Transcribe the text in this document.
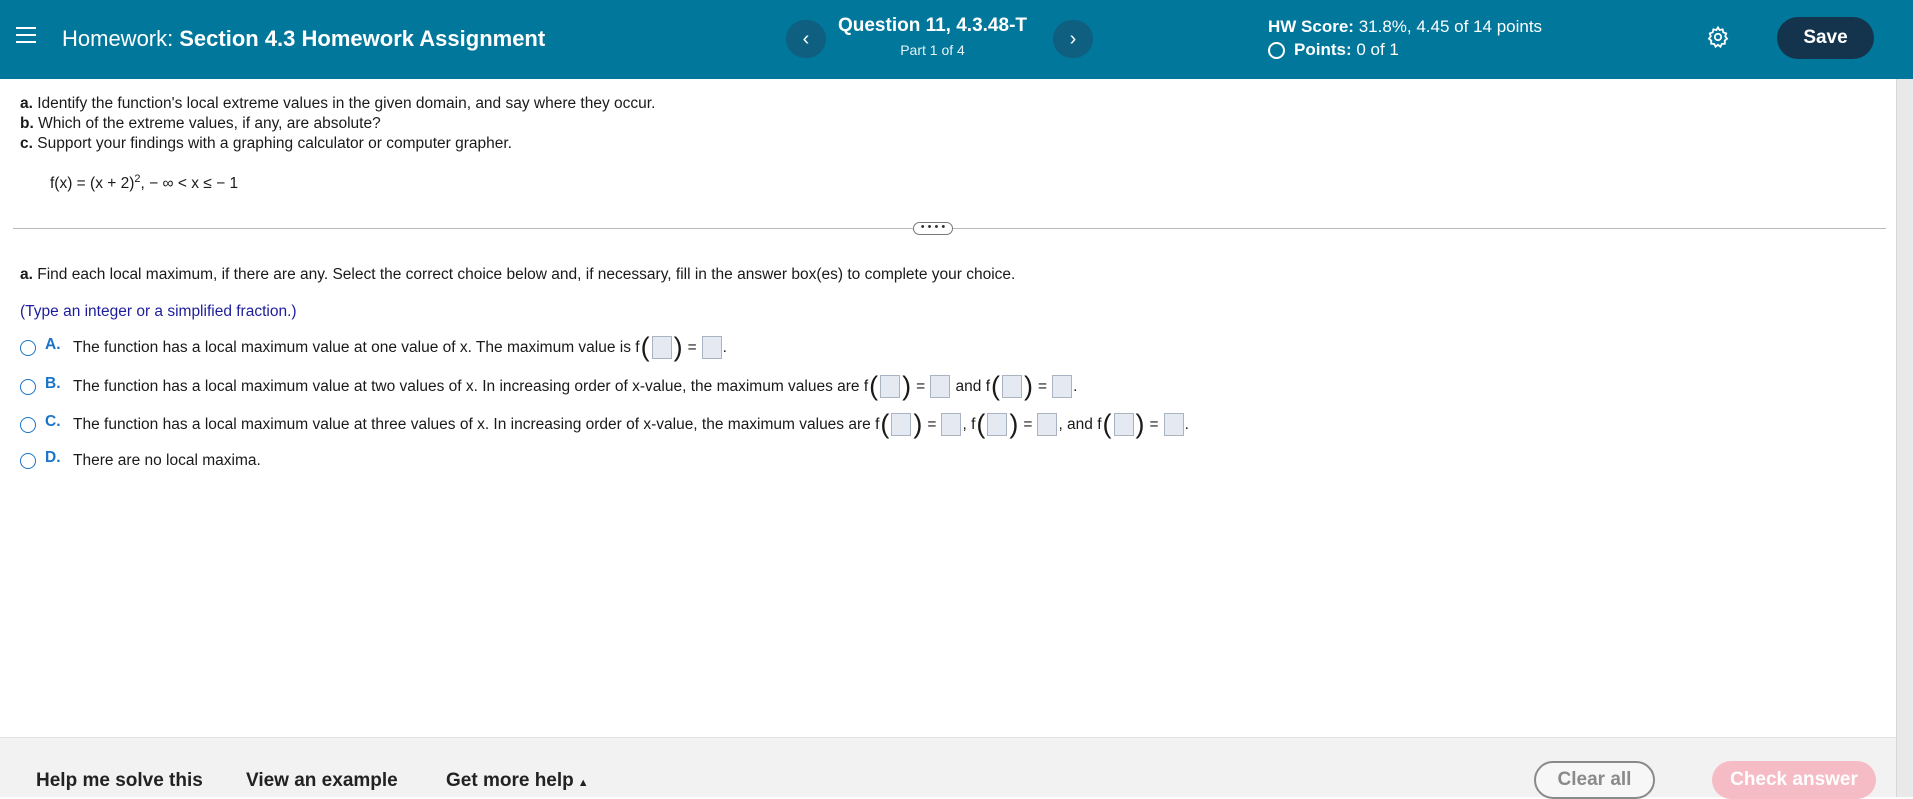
Homework: Section 4.3 Homework Assignment	‹
Question 11, 4.3.48-T
Part 1 of 4	›
HW Score: 31.8%, 4.45 of 14 points
Points:
0 of 1
Save
a. Identify the function's local extreme values in the given domain, and say where they occur.
b. Which of the extreme values, if any, are absolute?
c. Support your findings with a graphing calculator or computer grapher.
$f(x) = (x + 2)^2$, − ∞ < x ≤ − 1
• • • •
a. Find each local maximum, if there are any. Select the correct choice below and, if necessary, fill in the answer box(es) to complete your choice.
(Type an integer or a simplified fraction.)
A. The function has a local maximum value at one value of x. The maximum value is f ( ) = .
B. The function has a local maximum value at two values of x. In increasing order of x-value, the maximum values are f ( ) =
and f ( ) = .
C. The function has a local maximum value at three values of x. In increasing order of x-value, the maximum values are f ( ) = , f ( ) = , and f ( ) = .
D. There are no local maxima.
Help me solve this View an example	Get more help ▲	Clear all	Check answer
